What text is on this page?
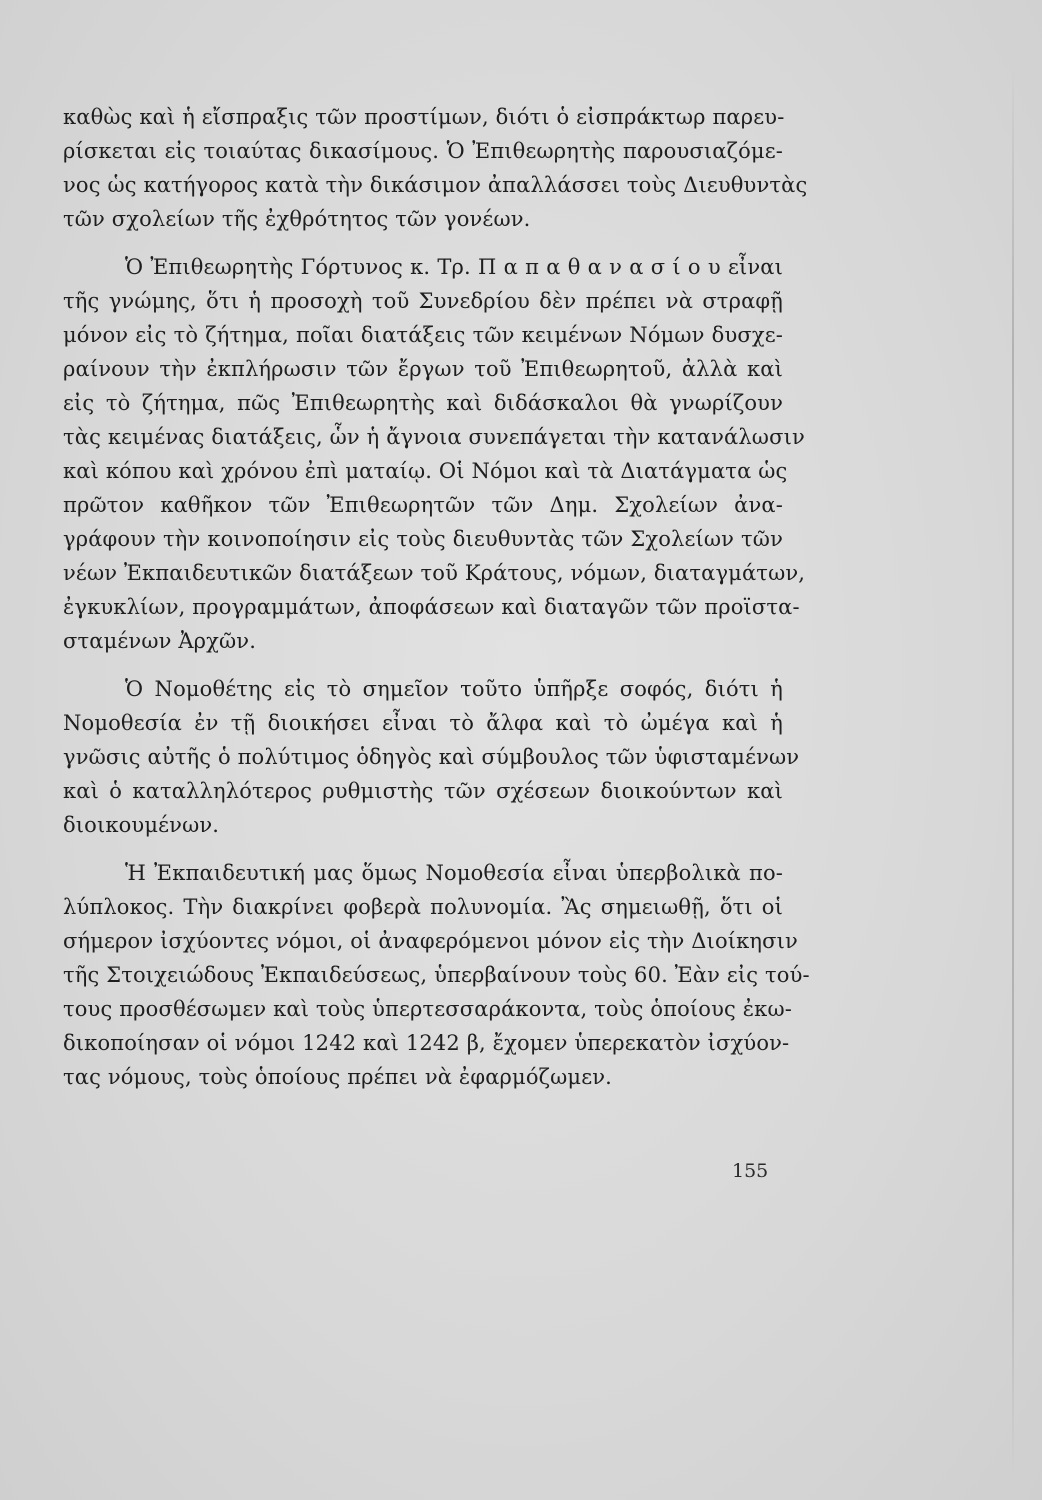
καθὼς καὶ ἡ εἴσπραξις τῶν προστίμων, διότι ὁ εἰσπράκτωρ παρευ-
ρίσκεται εἰς τοιαύτας δικασίμους. Ὁ Ἐπιθεωρητὴς παρουσιαζόμε-
νος ὡς κατήγορος κατὰ τὴν δικάσιμον ἀπαλλάσσει τοὺς Διευθυντὰς
τῶν σχολείων τῆς ἐχθρότητος τῶν γονέων.
Ὁ Ἐπιθεωρητὴς Γόρτυνος κ. Τρ. Π α π α θ α ν α σ ί ο υ εἶναι
τῆς γνώμης, ὅτι ἡ προσοχὴ τοῦ Συνεδρίου δὲν πρέπει νὰ στραφῇ
μόνον εἰς τὸ ζήτημα, ποῖαι διατάξεις τῶν κειμένων Νόμων δυσχε-
ραίνουν τὴν ἐκπλήρωσιν τῶν ἔργων τοῦ Ἐπιθεωρητοῦ, ἀλλὰ καὶ
εἰς τὸ ζήτημα, πῶς Ἐπιθεωρητὴς καὶ διδάσκαλοι θὰ γνωρίζουν
τὰς κειμένας διατάξεις, ὧν ἡ ἄγνοια συνεπάγεται τὴν κατανάλωσιν
καὶ κόπου καὶ χρόνου ἐπὶ ματαίῳ. Οἱ Νόμοι καὶ τὰ Διατάγματα ὡς
πρῶτον καθῆκον τῶν Ἐπιθεωρητῶν τῶν Δημ. Σχολείων ἀνα-
γράφουν τὴν κοινοποίησιν εἰς τοὺς διευθυντὰς τῶν Σχολείων τῶν
νέων Ἐκπαιδευτικῶν διατάξεων τοῦ Κράτους, νόμων, διαταγμάτων,
ἐγκυκλίων, προγραμμάτων, ἀποφάσεων καὶ διαταγῶν τῶν προϊστα-
σταμένων Ἀρχῶν.
Ὁ Νομοθέτης εἰς τὸ σημεῖον τοῦτο ὑπῆρξε σοφός, διότι ἡ
Νομοθεσία ἐν τῇ διοικήσει εἶναι τὸ ἄλφα καὶ τὸ ὠμέγα καὶ ἡ
γνῶσις αὐτῆς ὁ πολύτιμος ὁδηγὸς καὶ σύμβουλος τῶν ὑφισταμένων
καὶ ὁ καταλληλότερος ρυθμιστὴς τῶν σχέσεων διοικούντων καὶ
διοικουμένων.
Ἡ Ἐκπαιδευτική μας ὅμως Νομοθεσία εἶναι ὑπερβολικὰ πο-
λύπλοκος. Τὴν διακρίνει φοβερὰ πολυνομία. Ἂς σημειωθῇ, ὅτι οἱ
σήμερον ἰσχύοντες νόμοι, οἱ ἀναφερόμενοι μόνον εἰς τὴν Διοίκησιν
τῆς Στοιχειώδους Ἐκπαιδεύσεως, ὑπερβαίνουν τοὺς 60. Ἐὰν εἰς τού-
τους προσθέσωμεν καὶ τοὺς ὑπερτεσσαράκοντα, τοὺς ὁποίους ἐκω-
δικοποίησαν οἱ νόμοι 1242 καὶ 1242 β, ἔχομεν ὑπερεκατὸν ἰσχύον-
τας νόμους, τοὺς ὁποίους πρέπει νὰ ἐφαρμόζωμεν.
155
